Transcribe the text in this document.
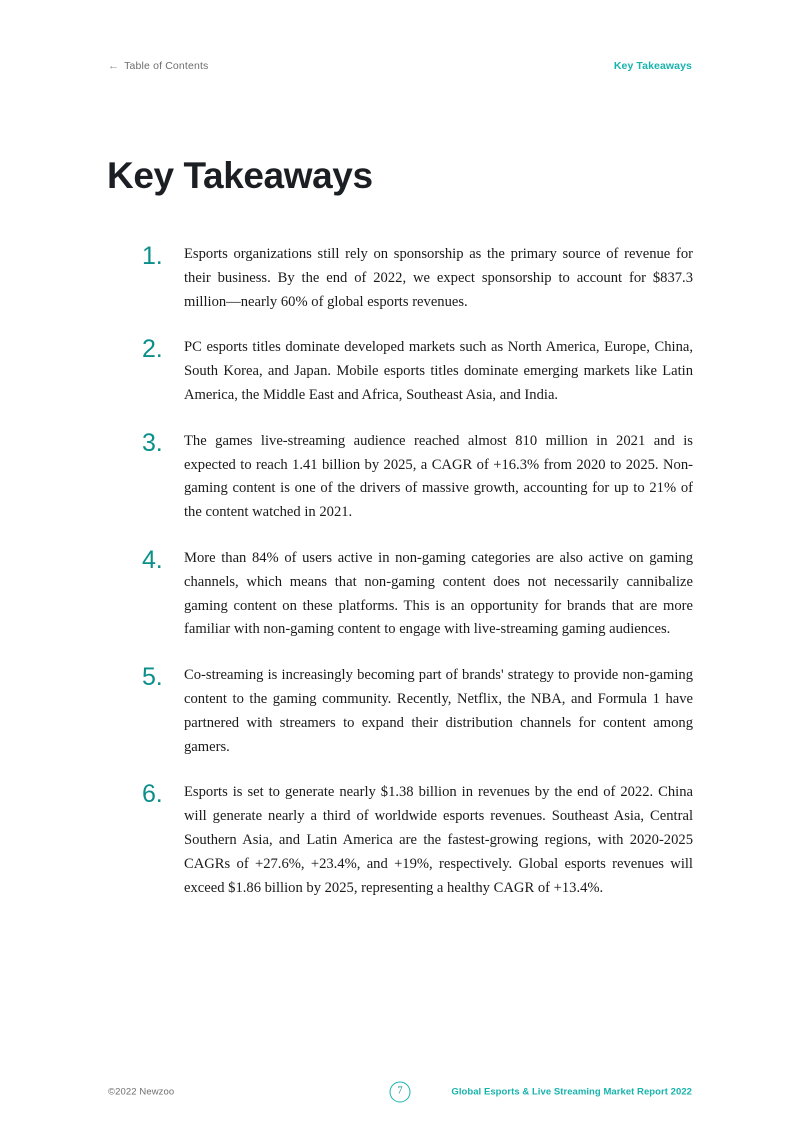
← Table of Contents	Key Takeaways
Key Takeaways
1.	Esports organizations still rely on sponsorship as the primary source of revenue for their business. By the end of 2022, we expect sponsorship to account for $837.3 million—nearly 60% of global esports revenues.

2.	PC esports titles dominate developed markets such as North America, Europe, China, South Korea, and Japan. Mobile esports titles dominate emerging markets like Latin America, the Middle East and Africa, Southeast Asia, and India.

3.	The games live-streaming audience reached almost 810 million in 2021 and is expected to reach 1.41 billion by 2025, a CAGR of +16.3% from 2020 to 2025. Non-gaming content is one of the drivers of massive growth, accounting for up to 21% of the content watched in 2021.

4.	More than 84% of users active in non-gaming categories are also active on gaming channels, which means that non-gaming content does not necessarily cannibalize gaming content on these platforms. This is an opportunity for brands that are more familiar with non-gaming content to engage with live-streaming gaming audiences.

5.	Co-streaming is increasingly becoming part of brands' strategy to provide non-gaming content to the gaming community. Recently, Netflix, the NBA, and Formula 1 have partnered with streamers to expand their distribution channels for content among gamers.

6.	Esports is set to generate nearly $1.38 billion in revenues by the end of 2022. China will generate nearly a third of worldwide esports revenues. Southeast Asia, Central Southern Asia, and Latin America are the fastest-growing regions, with 2020-2025 CAGRs of +27.6%, +23.4%, and +19%, respectively. Global esports revenues will exceed $1.86 billion by 2025, representing a healthy CAGR of +13.4%.

©2022 Newzoo	7	Global Esports & Live Streaming Market Report 2022
